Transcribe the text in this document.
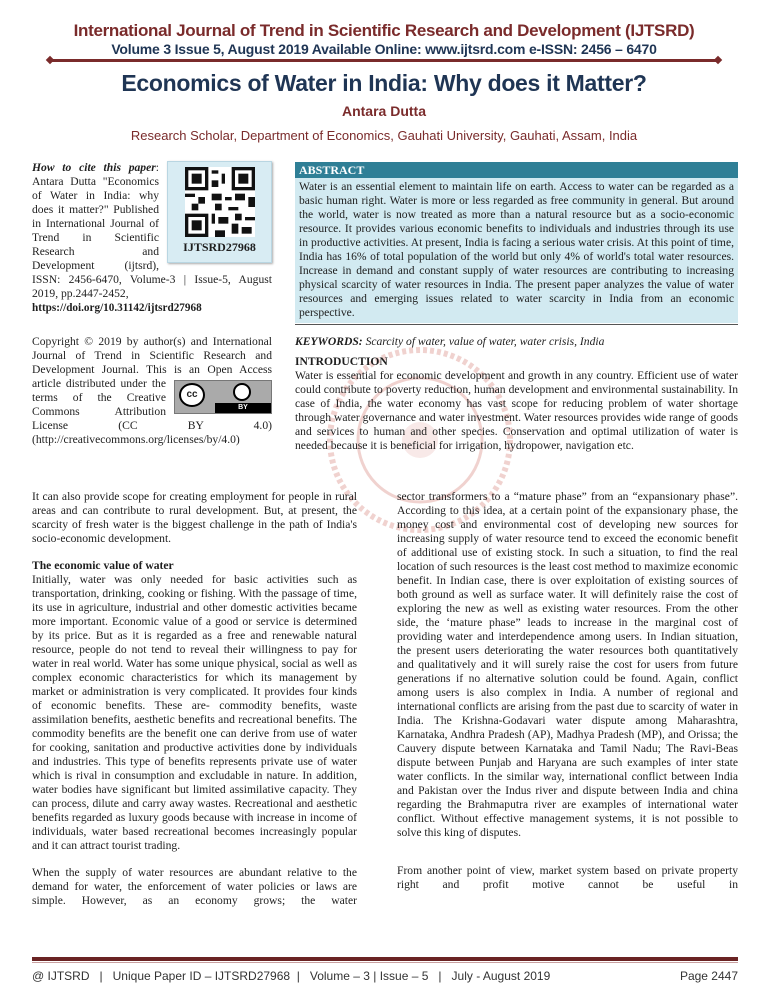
International Journal of Trend in Scientific Research and Development (IJTSRD)
Volume 3 Issue 5, August 2019 Available Online: www.ijtsrd.com e-ISSN: 2456 – 6470
Economics of Water in India: Why does it Matter?
Antara Dutta
Research Scholar, Department of Economics, Gauhati University, Gauhati, Assam, India
IJTSRD27968
How to cite this paper: Antara Dutta "Economics of Water in India: why does it matter?" Published in International Journal of Trend in Scientific Research and Development (ijtsrd), ISSN: 2456-6470, Volume-3 | Issue-5, August 2019, pp.2447-2452,
https://doi.org/10.31142/ijtsrd27968
Copyright © 2019 by author(s) and International Journal of Trend in Scientific Research and Development Journal. This is an Open Access article distributed
cc
BY
under the terms of the Creative Commons Attribution License (CC BY 4.0) (http://creativecommons.org/licenses/by/4.0)
ABSTRACT
Water is an essential element to maintain life on earth. Access to water can be regarded as a basic human right. Water is more or less regarded as free community in general. But around the world, water is now treated as more than a natural resource but as a socio-economic resource. It provides various economic benefits to individuals and industries through its use in productive activities. At present, India is facing a serious water crisis. At this point of time, India has 16% of total population of the world but only 4% of world's total water resources. Increase in demand and constant supply of water resources are contributing to increasing physical scarcity of water resources in India. The present paper analyzes the value of water resources and emerging issues related to water scarcity in India from an economic perspective.
KEYWORDS: Scarcity of water, value of water, water crisis, India
INTRODUCTION

Water is essential for economic development and growth in any country. Efficient use of water could contribute to poverty reduction, human development and environmental sustainability. In case of India, the water economy has vast scope for reducing problem of water shortage through water governance and water investment. Water resources provides wide range of goods and services to human and other species. Conservation and optimal utilization of water is needed because it is beneficial for irrigation, hydropower, navigation etc.

It can also provide scope for creating employment for people in rural areas and can contribute to rural development. But, at present, the scarcity of fresh water is the biggest challenge in the path of India's socio-economic development.

The economic value of water

Initially, water was only needed for basic activities such as transportation, drinking, cooking or fishing. With the passage of time, its use in agriculture, industrial and other domestic activities became more important. Economic value of a good or service is determined by its price. But as it is regarded as a free and renewable natural resource, people do not tend to reveal their willingness to pay for water in real world. Water has some unique physical, social as well as complex economic characteristics for which its management by market or administration is very complicated. It provides four kinds of economic benefits. These are- commodity benefits, waste assimilation benefits, aesthetic benefits and recreational benefits. The commodity benefits are the benefit one can derive from use of water for cooking, sanitation and productive activities done by individuals and industries. This type of benefits represents private use of water which is rival in consumption and excludable in nature. In addition, water bodies have significant but limited assimilative capacity. They can process, dilute and carry away wastes. Recreational and aesthetic benefits regarded as luxury goods because with increase in income of individuals, water based recreational becomes increasingly popular and it can attract tourist trading.

When the supply of water resources are abundant relative to the demand for water, the enforcement of water policies or laws are simple. However, as an economy grows; the water

sector transformers to a “mature phase” from an “expansionary phase”. According to this idea, at a certain point of the expansionary phase, the money cost and environmental cost of developing new sources for increasing supply of water resource tend to exceed the economic benefit of additional use of existing stock. In such a situation, to find the real location of such resources is the least cost method to maximize economic benefit. In Indian case, there is over exploitation of existing sources of both ground as well as surface water. It will definitely raise the cost of exploring the new as well as existing water resources. From the other side, the ‘mature phase” leads to increase in the marginal cost of providing water and interdependence among users. In Indian situation, the present users deteriorating the water resources both quantitatively and qualitatively and it will surely raise the cost for users from future generations if no alternative solution could be found. Again, conflict among users is also complex in India. A number of regional and international conflicts are arising from the past due to scarcity of water in India. The Krishna-Godavari water dispute among Maharashtra, Karnataka, Andhra Pradesh (AP), Madhya Pradesh (MP), and Orissa; the Cauvery dispute between Karnataka and Tamil Nadu; The Ravi-Beas dispute between Punjab and Haryana are such examples of inter state water conflicts. In the similar way, international conflict between India and Pakistan over the Indus river and dispute between India and china regarding the Brahmaputra river are examples of international water conflict. Without effective management systems, it is not possible to solve this king of disputes.

From another point of view, market system based on private property right and profit motive cannot be useful in

@ IJTSRD | Unique Paper ID – IJTSRD27968 | Volume – 3 | Issue – 5 | July - August 2019	Page 2447
